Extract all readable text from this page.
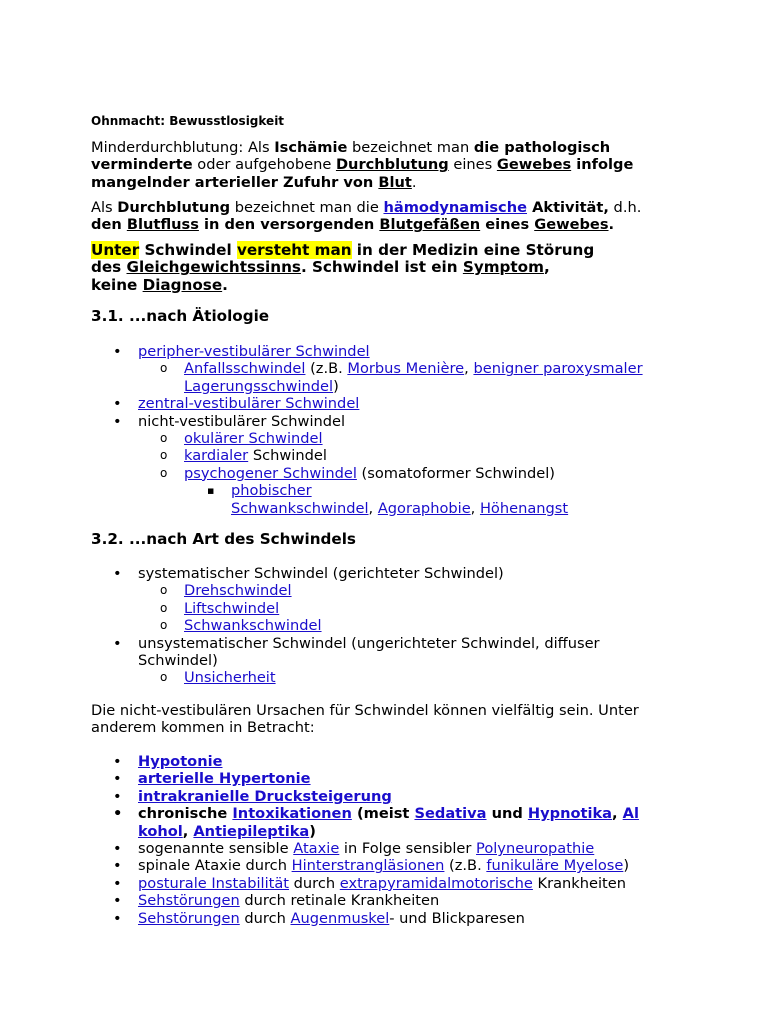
Ohnmacht: Bewusstlosigkeit

Minderdurchblutung: Als Ischämie bezeichnet man die pathologisch verminderte oder aufgehobene Durchblutung eines Gewebes infolge mangelnder arterieller Zufuhr von Blut.

Als Durchblutung bezeichnet man die hämodynamische Aktivität, d.h.
den Blutfluss in den versorgenden Blutgefäßen eines Gewebes.

Unter Schwindel versteht man in der Medizin eine Störung
des Gleichgewichtssinns. Schwindel ist ein Symptom,
keine Diagnose.

3.1. ...nach Ätiologie
• peripher-vestibulärer Schwindel
o Anfallsschwindel (z.B. Morbus Menière, benigner paroxysmaler
Lagerungsschwindel)
• zentral-vestibulärer Schwindel
• nicht-vestibulärer Schwindel
o okulärer Schwindel
o kardialer Schwindel
o psychogener Schwindel (somatoformer Schwindel)
▪ phobischer
Schwankschwindel, Agoraphobie, Höhenangst
3.2. ...nach Art des Schwindels
• systematischer Schwindel (gerichteter Schwindel)
o Drehschwindel
o Liftschwindel
o Schwankschwindel
• unsystematischer Schwindel (ungerichteter Schwindel, diffuser
Schwindel)
o Unsicherheit

Die nicht-vestibulären Ursachen für Schwindel können vielfältig sein. Unter
anderem kommen in Betracht:

• Hypotonie
• arterielle Hypertonie
• intrakranielle Drucksteigerung
• chronische Intoxikationen (meist Sedativa und Hypnotika, Al
kohol, Antiepileptika)
• sogenannte sensible Ataxie in Folge sensibler Polyneuropathie
• spinale Ataxie durch Hinterstrangläsionen (z.B. funikuläre Myelose)
• posturale Instabilität durch extrapyramidalmotorische Krankheiten
• Sehstörungen durch retinale Krankheiten
• Sehstörungen durch Augenmuskel- und Blickparesen
